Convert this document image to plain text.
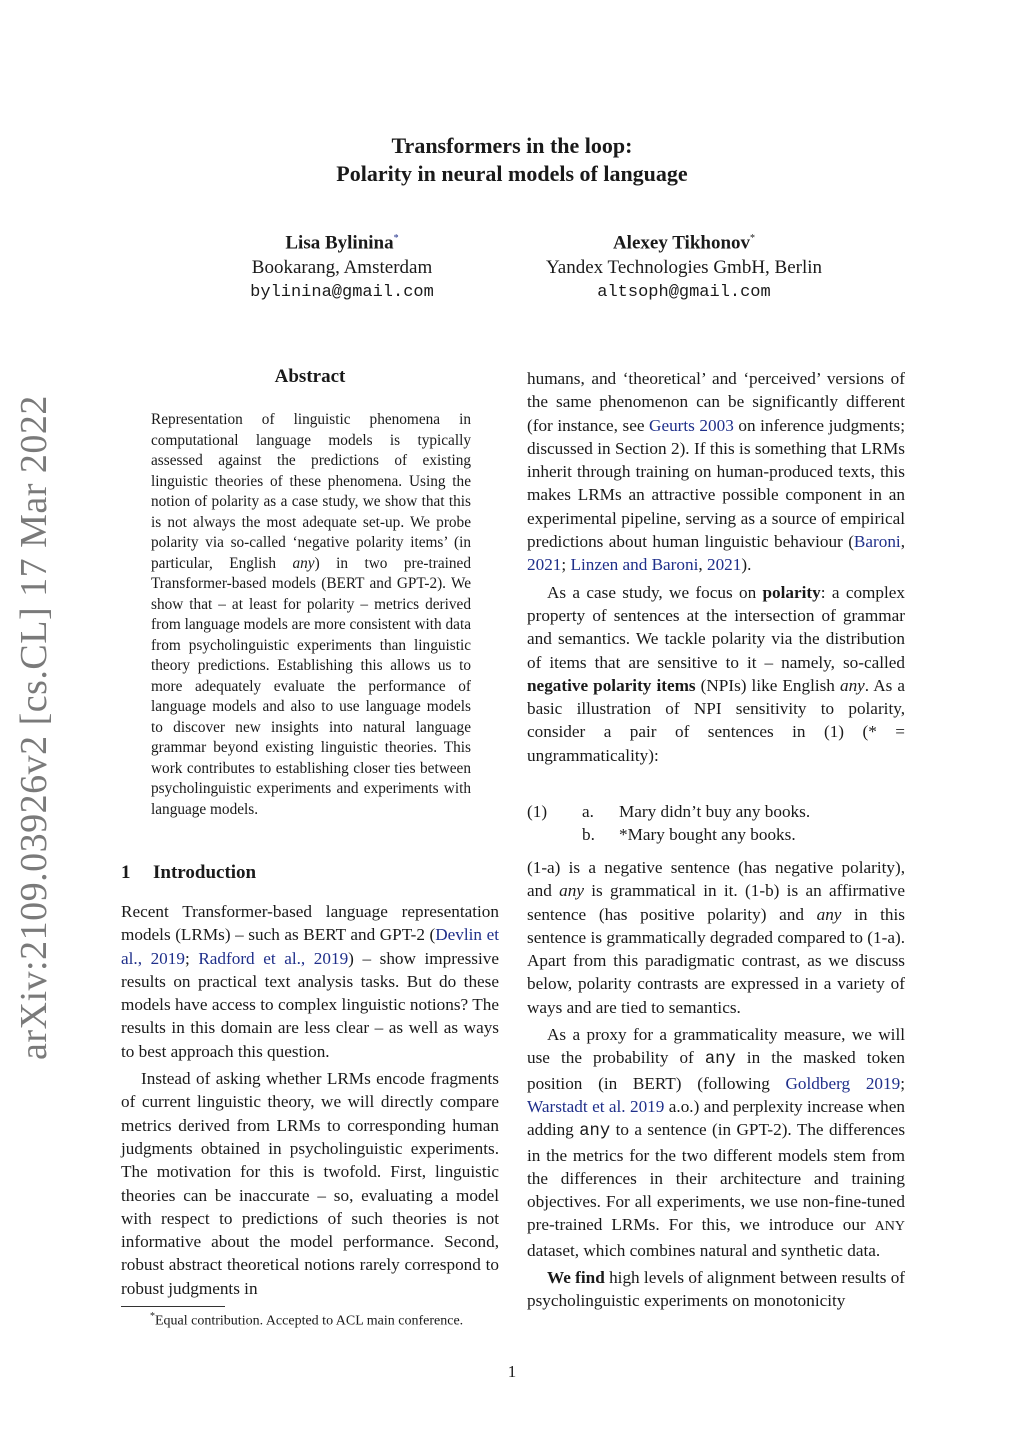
arXiv:2109.03926v2 [cs.CL] 17 Mar 2022
Transformers in the loop:
Polarity in neural models of language
Lisa Bylinina*
Bookarang, Amsterdam
bylinina@gmail.com
Alexey Tikhonov*
Yandex Technologies GmbH, Berlin
altsoph@gmail.com
Abstract
Representation of linguistic phenomena in computational language models is typically assessed against the predictions of existing linguistic theories of these phenomena. Using the notion of polarity as a case study, we show that this is not always the most adequate set-up. We probe polarity via so-called ‘negative polarity items’ (in particular, English any) in two pre-trained Transformer-based models (BERT and GPT-2). We show that – at least for polarity – metrics derived from language models are more consistent with data from psycholinguistic experiments than linguistic theory predictions. Establishing this allows us to more adequately evaluate the performance of language models and also to use language models to discover new insights into natural language grammar beyond existing linguistic theories. This work contributes to establishing closer ties between psycholinguistic experiments and experiments with language models.
1 Introduction

Recent Transformer-based language representation models (LRMs) – such as BERT and GPT-2 (Devlin et al., 2019; Radford et al., 2019) – show impressive results on practical text analysis tasks. But do these models have access to complex linguistic notions? The results in this domain are less clear – as well as ways to best approach this question.

Instead of asking whether LRMs encode fragments of current linguistic theory, we will directly compare metrics derived from LRMs to corresponding human judgments obtained in psycholinguistic experiments. The motivation for this is twofold. First, linguistic theories can be inaccurate – so, evaluating a model with respect to predictions of such theories is not informative about the model performance. Second, robust abstract theoretical notions rarely correspond to robust judgments in

humans, and ‘theoretical’ and ‘perceived’ versions of the same phenomenon can be significantly different (for instance, see Geurts 2003 on inference judgments; discussed in Section 2). If this is something that LRMs inherit through training on human-produced texts, this makes LRMs an attractive possible component in an experimental pipeline, serving as a source of empirical predictions about human linguistic behaviour (Baroni, 2021; Linzen and Baroni, 2021).

As a case study, we focus on polarity: a complex property of sentences at the intersection of grammar and semantics. We tackle polarity via the distribution of items that are sensitive to it – namely, so-called negative polarity items (NPIs) like English any. As a basic illustration of NPI sensitivity to polarity, consider a pair of sentences in (1) (* = ungrammaticality):

(1)	a.	Mary didn’t buy any books.
b.	*Mary bought any books.

(1-a) is a negative sentence (has negative polarity), and any is grammatical in it. (1-b) is an affirmative sentence (has positive polarity) and any in this sentence is grammatically degraded compared to (1-a). Apart from this paradigmatic contrast, as we discuss below, polarity contrasts are expressed in a variety of ways and are tied to semantics.

As a proxy for a grammaticality measure, we will use the probability of any in the masked token position (in BERT) (following Goldberg 2019; Warstadt et al. 2019 a.o.) and perplexity increase when adding any to a sentence (in GPT-2). The differences in the metrics for the two different models stem from the differences in their architecture and training objectives. For all experiments, we use non-fine-tuned pre-trained LRMs. For this, we introduce our ANY dataset, which combines natural and synthetic data.

We find high levels of alignment between results of psycholinguistic experiments on monotonicity

*Equal contribution. Accepted to ACL main conference.
1
